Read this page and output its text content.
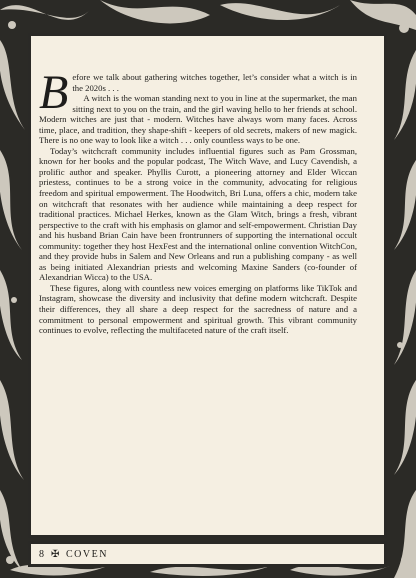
B efore we talk about gathering witches together, let’s consider what a witch is in the 2020s . . .

A witch is the woman standing next to you in line at the supermarket, the man sitting next to you on the train, and the girl waving hello to her friends at school. Modern witches are just that - modern. Witches have always worn many faces. Across time, place, and tradition, they shape-shift - keepers of old secrets, makers of new magick. There is no one way to look like a witch . . . only countless ways to be one.

Today’s witchcraft community includes influential figures such as Pam Grossman, known for her books and the popular podcast, The Witch Wave, and Lucy Cavendish, a prolific author and speaker. Phyllis Curott, a pioneering attorney and Elder Wiccan priestess, continues to be a strong voice in the community, advocating for religious freedom and spiritual empowerment. The Hoodwitch, Bri Luna, offers a chic, modern take on witchcraft that resonates with her audience while maintaining a deep respect for traditional practices. Michael Herkes, known as the Glam Witch, brings a fresh, vibrant perspective to the craft with his emphasis on glamor and self-empowerment. Christian Day and his husband Brian Cain have been frontrunners of supporting the international occult community: together they host HexFest and the international online convention WitchCon, and they provide hubs in Salem and New Orleans and run a publishing company - as well as being initiated Alexandrian priests and welcoming Maxine Sanders (co-founder of Alexandrian Wicca) to the USA.

These figures, along with countless new voices emerging on platforms like TikTok and Instagram, showcase the diversity and inclusivity that define modern witchcraft. Despite their differences, they all share a deep respect for the sacredness of nature and a commitment to personal empowerment and spiritual growth. This vibrant community continues to evolve, reflecting the multifaceted nature of the craft itself.

8 ✠ COVEN
